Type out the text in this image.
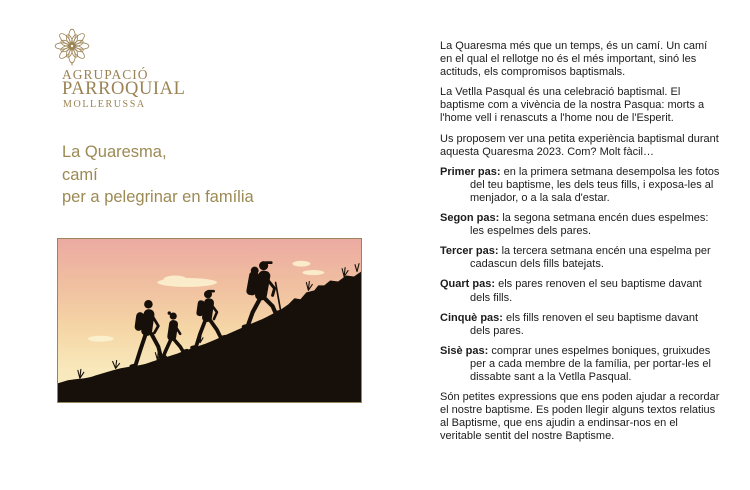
AGRUPACIÓ
PARROQUIAL
MOLLERUSSA
La Quaresma,
camí
per a pelegrinar en família

La Quaresma més que un temps, és un camí. Un camí en el qual el rellotge no és el més important, sinó les actituds, els compromisos baptismals.

La Vetlla Pasqual és una celebració baptismal. El baptisme com a vivència de la nostra Pasqua: morts a l'home vell i renascuts a l'home nou de l'Esperit.

Us proposem ver una petita experiència baptismal durant aquesta Quaresma 2023. Com? Molt fàcil…

Primer pas: en la primera setmana desempolsa les fotos del teu baptisme, les dels teus fills, i exposa-les al menjador, o a la sala d'estar.
Segon pas: la segona setmana encén dues espelmes: les espelmes dels pares.
Tercer pas: la tercera setmana encén una espelma per cadascun dels fills batejats.
Quart pas: els pares renoven el seu baptisme davant dels fills.
Cinquè pas: els fills renoven el seu baptisme davant dels pares.
Sisè pas: comprar unes espelmes boniques, gruixudes per a cada membre de la família, per portar-les el dissabte sant a la Vetlla Pasqual.

Són petites expressions que ens poden ajudar a recordar el nostre baptisme. Es poden llegir alguns textos relatius al Baptisme, que ens ajudin a endinsar-nos en el veritable sentit del nostre Baptisme.
